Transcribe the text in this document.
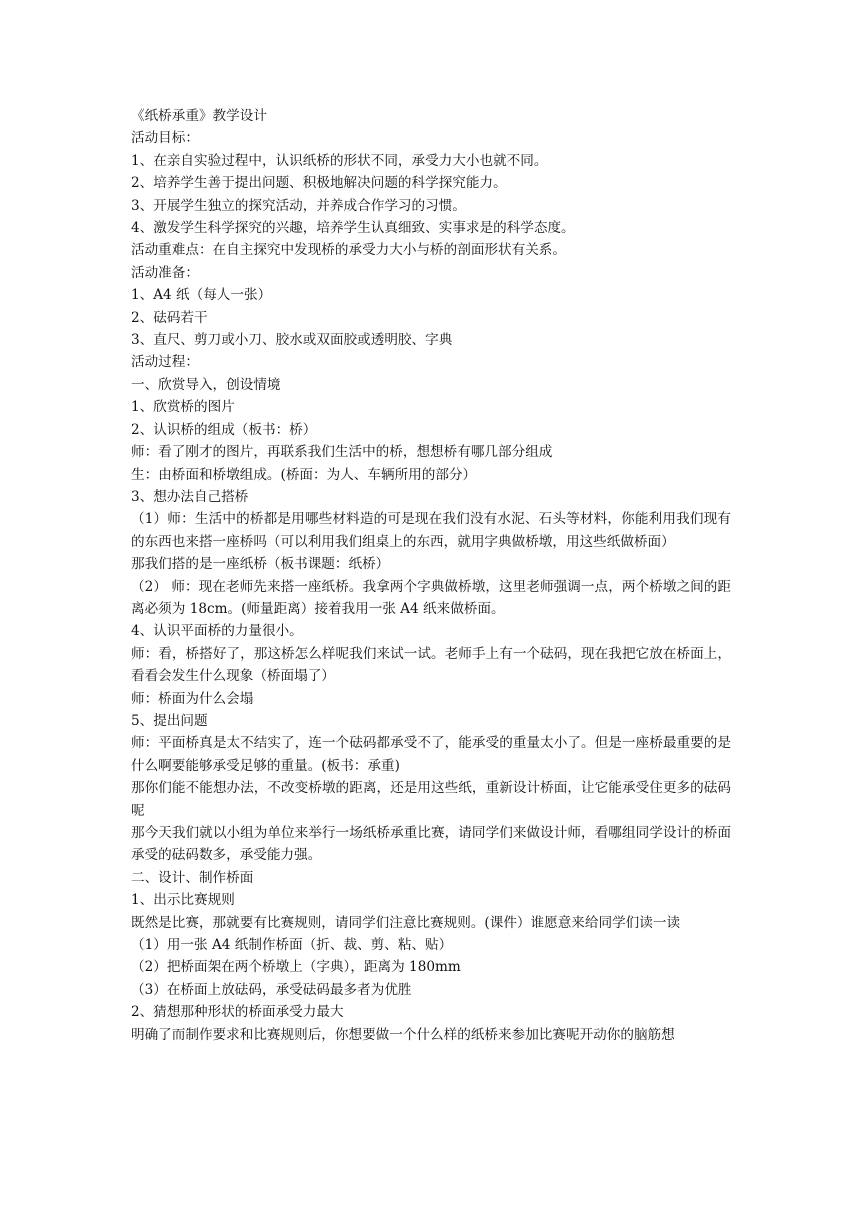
《纸桥承重》教学设计
活动目标：
1、在亲自实验过程中，认识纸桥的形状不同，承受力大小也就不同。
2、培养学生善于提出问题、积极地解决问题的科学探究能力。
3、开展学生独立的探究活动，并养成合作学习的习惯。
4、激发学生科学探究的兴趣，培养学生认真细致、实事求是的科学态度。
活动重难点：在自主探究中发现桥的承受力大小与桥的剖面形状有关系。
活动准备：
1、A4 纸（每人一张）
2、砝码若干
3、直尺、剪刀或小刀、胶水或双面胶或透明胶、字典
活动过程：
一、欣赏导入，创设情境
1、欣赏桥的图片
2、认识桥的组成（板书：桥）
师：看了刚才的图片，再联系我们生活中的桥，想想桥有哪几部分组成
生：由桥面和桥墩组成。(桥面：为人、车辆所用的部分）
3、想办法自己搭桥
（1）师：生活中的桥都是用哪些材料造的可是现在我们没有水泥、石头等材料，你能利用我们现有的东西也来搭一座桥吗（可以利用我们组桌上的东西，就用字典做桥墩，用这些纸做桥面）
那我们搭的是一座纸桥（板书课题：纸桥）
（2） 师：现在老师先来搭一座纸桥。我拿两个字典做桥墩，这里老师强调一点，两个桥墩之间的距离必须为 18cm。(师量距离）接着我用一张 A4 纸来做桥面。
4、认识平面桥的力量很小。
师：看，桥搭好了，那这桥怎么样呢我们来试一试。老师手上有一个砝码，现在我把它放在桥面上，看看会发生什么现象（桥面塌了）
师：桥面为什么会塌
5、提出问题
师：平面桥真是太不结实了，连一个砝码都承受不了，能承受的重量太小了。但是一座桥最重要的是什么啊要能够承受足够的重量。(板书：承重)
那你们能不能想办法，不改变桥墩的距离，还是用这些纸，重新设计桥面，让它能承受住更多的砝码呢
那今天我们就以小组为单位来举行一场纸桥承重比赛，请同学们来做设计师，看哪组同学设计的桥面承受的砝码数多，承受能力强。
二、设计、制作桥面
1、出示比赛规则
既然是比赛，那就要有比赛规则，请同学们注意比赛规则。(课件）谁愿意来给同学们读一读
（1）用一张 A4 纸制作桥面（折、裁、剪、粘、贴）
（2）把桥面架在两个桥墩上（字典），距离为 180mm
（3）在桥面上放砝码，承受砝码最多者为优胜
2、猜想那种形状的桥面承受力最大
明确了而制作要求和比赛规则后，你想要做一个什么样的纸桥来参加比赛呢开动你的脑筋想
